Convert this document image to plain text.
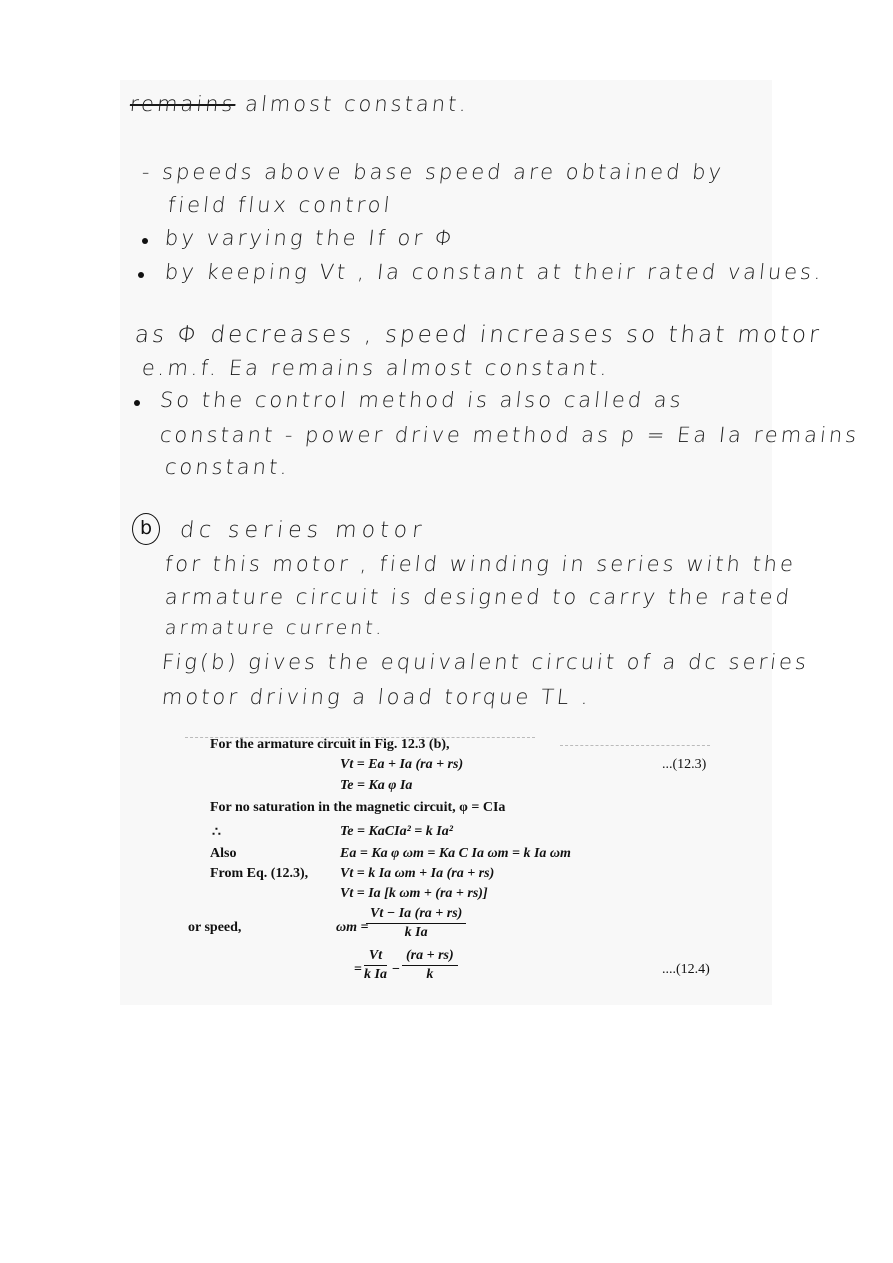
remains almost constant.
- speeds above base speed are obtained by
field flux control
by varying the If or Φ
by keeping Vt , Ia constant at their rated values.
as Φ decreases , speed increases so that motor
e.m.f. Ea remains almost constant.
So the control method is also called as
constant - power drive method as p = Ea Ia remains
constant.
b	dc series motor
for this motor , field winding in series with the
armature circuit is designed to carry the rated
armature current.
Fig(b) gives the equivalent circuit of a dc series
motor driving a load torque TL .
For the armature circuit in Fig. 12.3 (b),
Vt = Ea + Ia (ra + rs)	...(12.3)
Te = Ka φ Ia
For no saturation in the magnetic circuit, φ = CIa
∴	Te = KaCIa² = k Ia²
Also	Ea = Ka φ ωm = Ka C Ia ωm = k Ia ωm
From Eq. (12.3), Vt = k Ia ωm + Ia (ra + rs)
Vt = Ia [k ωm + (ra + rs)]
or speed,	ωm =
$\frac{Vt - Ia (ra + rs)}{\text{k Ia}}$
= $\frac{Vt}{\text{k Ia}} - \frac{(ra + rs)}{k}$	....(12.4)
